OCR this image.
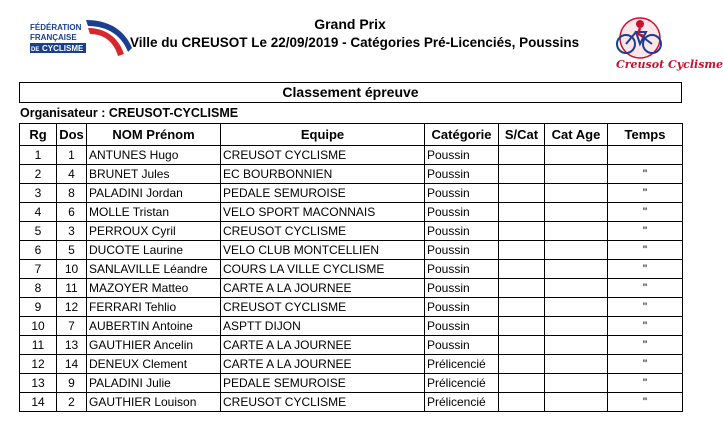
FÉDÉRATION
FRANÇAISE
DE CYCLISME
Grand Prix
Ville du CREUSOT Le 22/09/2019 - Catégories Pré-Licenciés, Poussins
Creusot Cyclisme
Classement épreuve
Organisateur : CREUSOT-CYCLISME
Rg	Dos	NOM Prénom	Equipe	Catégorie	S/Cat	Cat Age	Temps
1	1	ANTUNES Hugo	CREUSOT CYCLISME	Poussin			
2	4	BRUNET Jules	EC BOURBONNIEN	Poussin			"
3	8	PALADINI Jordan	PEDALE SEMUROISE	Poussin			"
4	6	MOLLE Tristan	VELO SPORT MACONNAIS	Poussin			"
5	3	PERROUX Cyril	CREUSOT CYCLISME	Poussin			"
6	5	DUCOTE Laurine	VELO CLUB MONTCELLIEN	Poussin			"
7	10	SANLAVILLE Léandre	COURS LA VILLE CYCLISME	Poussin			"
8	11	MAZOYER Matteo	CARTE A LA JOURNEE	Poussin			"
9	12	FERRARI Tehlio	CREUSOT CYCLISME	Poussin			"
10	7	AUBERTIN Antoine	ASPTT DIJON	Poussin			"
11	13	GAUTHIER Ancelin	CARTE A LA JOURNEE	Poussin			"
12	14	DENEUX Clement	CARTE A LA JOURNEE	Prélicencié			"
13	9	PALADINI Julie	PEDALE SEMUROISE	Prélicencié			"
14	2	GAUTHIER Louison	CREUSOT CYCLISME	Prélicencié			"
